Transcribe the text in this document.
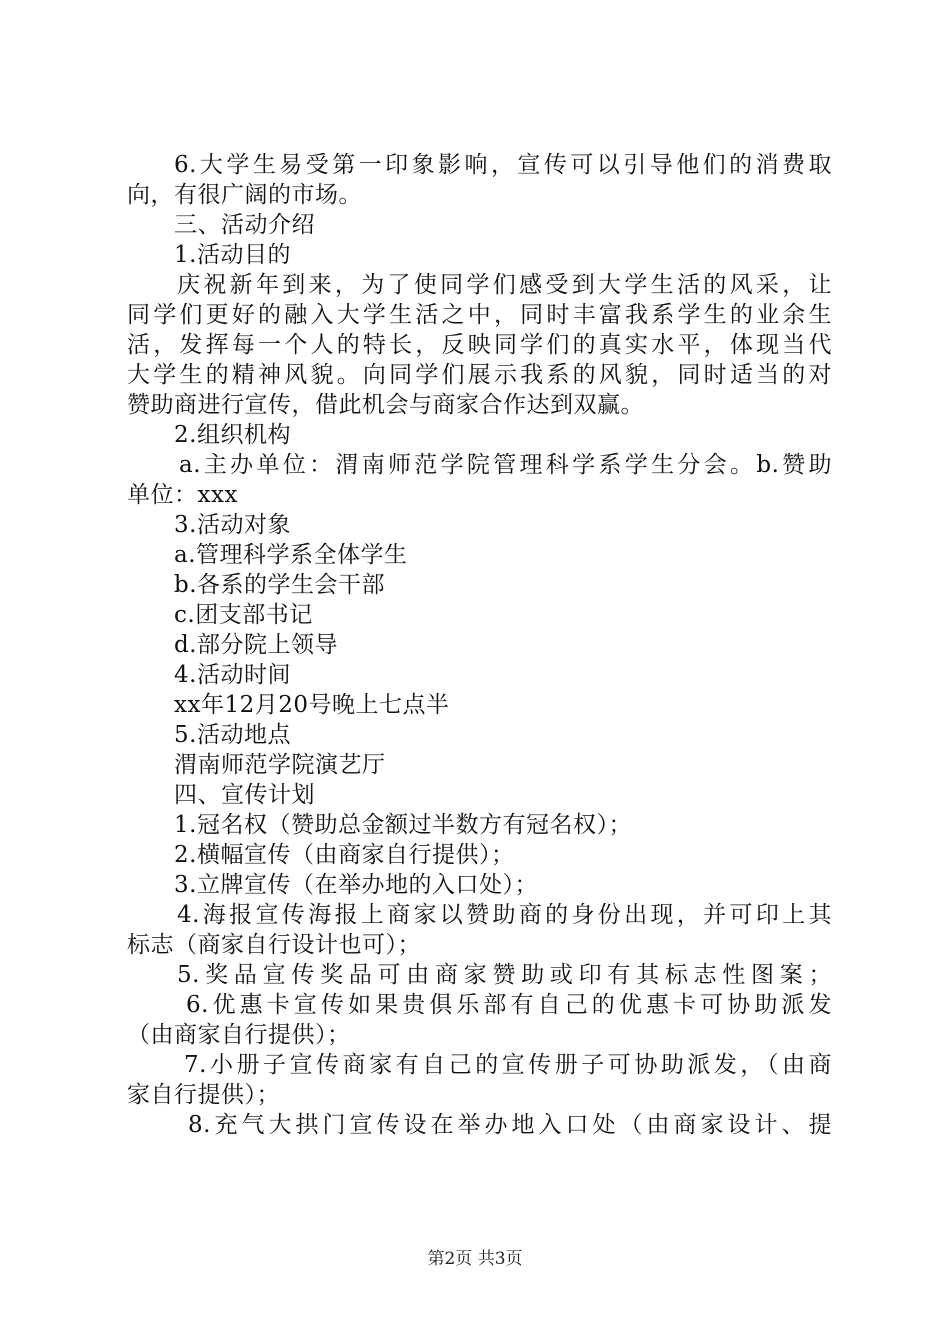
6.大学生易受第一印象影响，宣传可以引导他们的消费取
向，有很广阔的市场。
三、活动介绍
1.活动目的
庆祝新年到来，为了使同学们感受到大学生活的风采，让
同学们更好的融入大学生活之中，同时丰富我系学生的业余生
活，发挥每一个人的特长，反映同学们的真实水平，体现当代
大学生的精神风貌。向同学们展示我系的风貌，同时适当的对
赞助商进行宣传，借此机会与商家合作达到双赢。
2.组织机构
a.主办单位：渭南师范学院管理科学系学生分会。b.赞助
单位：xxx
3.活动对象
a.管理科学系全体学生
b.各系的学生会干部
c.团支部书记
d.部分院上领导
4.活动时间
xx年12月20号晚上七点半
5.活动地点
渭南师范学院演艺厅
四、宣传计划
1.冠名权（赞助总金额过半数方有冠名权）；
2.横幅宣传（由商家自行提供）；
3.立牌宣传（在举办地的入口处）；
4.海报宣传海报上商家以赞助商的身份出现，并可印上其
标志（商家自行设计也可）；
5.奖品宣传奖品可由商家赞助或印有其标志性图案；
6.优惠卡宣传如果贵俱乐部有自己的优惠卡可协助派发
（由商家自行提供）；
7.小册子宣传商家有自己的宣传册子可协助派发，（由商
家自行提供）；
8.充气大拱门宣传设在举办地入口处（由商家设计、提
第2页 共3页
